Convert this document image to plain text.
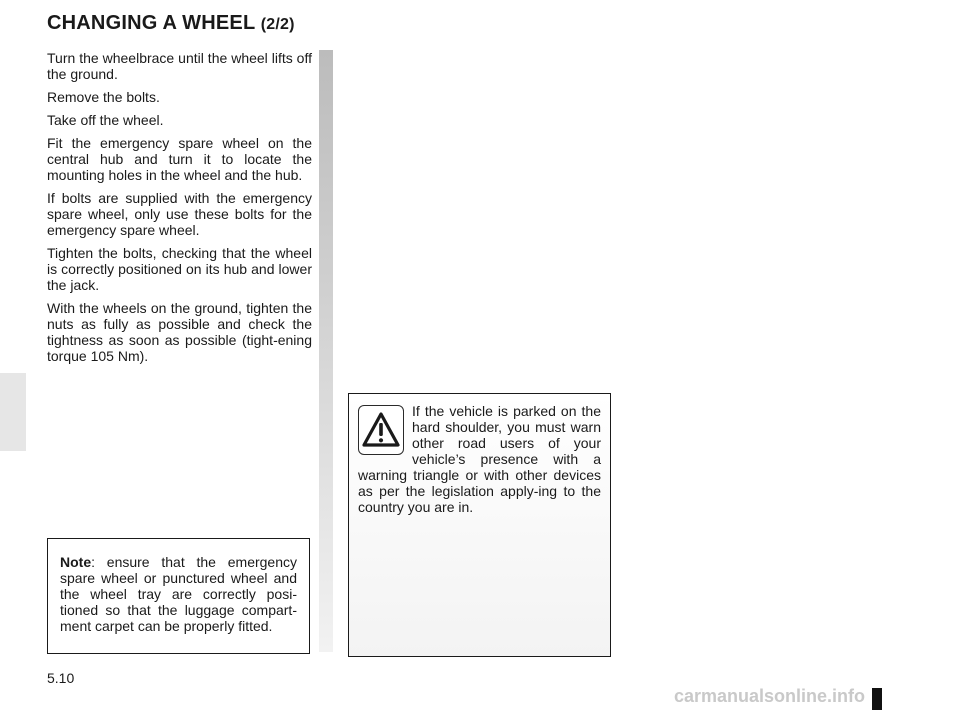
CHANGING A WHEEL (2/2)

Turn the wheelbrace until the wheel lifts off the ground.

Remove the bolts.

Take off the wheel.

Fit the emergency spare wheel on the central hub and turn it to locate the mounting holes in the wheel and the hub.

If bolts are supplied with the emergency spare wheel, only use these bolts for the emergency spare wheel.

Tighten the bolts, checking that the wheel is correctly positioned on its hub and lower the jack.

With the wheels on the ground, tighten the nuts as fully as possible and check the tightness as soon as possible (tight-ening torque 105 Nm).

Note: ensure that the emergency spare wheel or punctured wheel and the wheel tray are correctly posi-tioned so that the luggage compart-ment carpet can be properly fitted.

If the vehicle is parked on the hard shoulder, you must warn other road users of your vehicle’s presence with a warning triangle or with other devices as per the legislation apply-ing to the country you are in.

5.10
carmanualsonline.info
